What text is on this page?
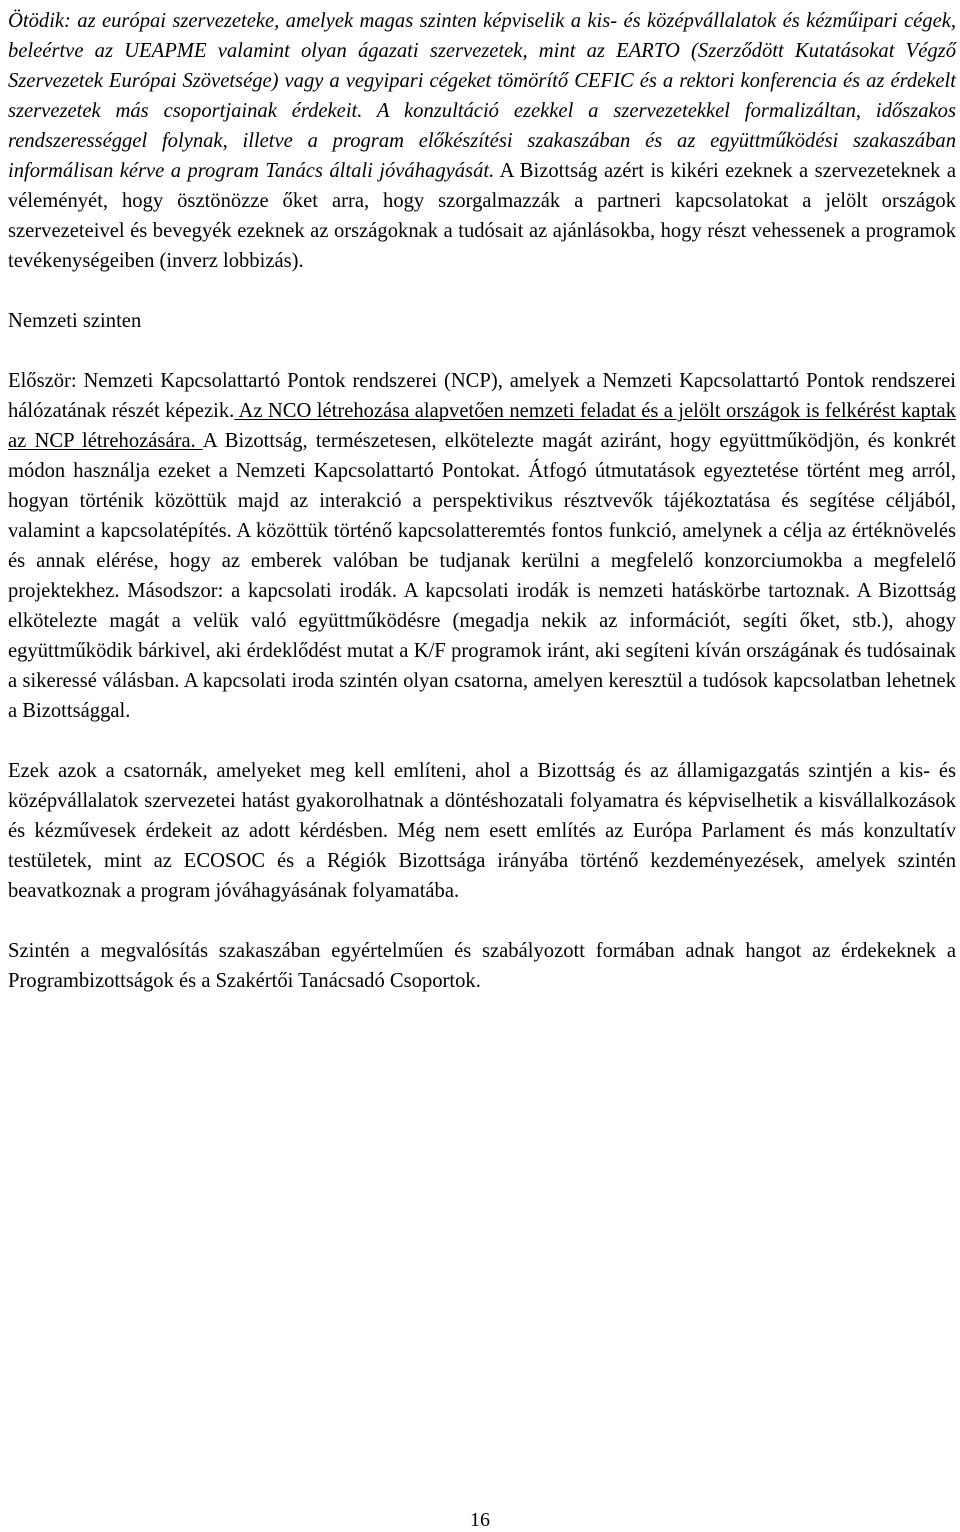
Ötödik: az európai szervezeteke, amelyek magas szinten képviselik a kis- és középvállalatok és kézműipari cégek, beleértve az UEAPME valamint olyan ágazati szervezetek, mint az EARTO (Szerződött Kutatásokat Végző Szervezetek Európai Szövetsége) vagy a vegyipari cégeket tömörítő CEFIC és a rektori konferencia és az érdekelt szervezetek más csoportjainak érdekeit. A konzultáció ezekkel a szervezetekkel formalizáltan, időszakos rendszerességgel folynak, illetve a program előkészítési szakaszában és az együttműködési szakaszában informálisan kérve a program Tanács általi jóváhagyását. A Bizottság azért is kikéri ezeknek a szervezeteknek a véleményét, hogy ösztönözze őket arra, hogy szorgalmazzák a partneri kapcsolatokat a jelölt országok szervezeteivel és bevegyék ezeknek az országoknak a tudósait az ajánlásokba, hogy részt vehessenek a programok tevékenységeiben (inverz lobbizás).

Nemzeti szinten

Először: Nemzeti Kapcsolattartó Pontok rendszerei (NCP), amelyek a Nemzeti Kapcsolattartó Pontok rendszerei hálózatának részét képezik. Az NCO létrehozása alapvetően nemzeti feladat és a jelölt országok is felkérést kaptak az NCP létrehozására. A Bizottság, természetesen, elkötelezte magát aziránt, hogy együttműködjön, és konkrét módon használja ezeket a Nemzeti Kapcsolattartó Pontokat. Átfogó útmutatások egyeztetése történt meg arról, hogyan történik közöttük majd az interakció a perspektivikus résztvevők tájékoztatása és segítése céljából, valamint a kapcsolatépítés. A közöttük történő kapcsolatteremtés fontos funkció, amelynek a célja az értéknövelés és annak elérése, hogy az emberek valóban be tudjanak kerülni a megfelelő konzorciumokba a megfelelő projektekhez. Másodszor: a kapcsolati irodák. A kapcsolati irodák is nemzeti hatáskörbe tartoznak. A Bizottság elkötelezte magát a velük való együttműködésre (megadja nekik az információt, segíti őket, stb.), ahogy együttműködik bárkivel, aki érdeklődést mutat a K/F programok iránt, aki segíteni kíván országának és tudósainak a sikeressé válásban. A kapcsolati iroda szintén olyan csatorna, amelyen keresztül a tudósok kapcsolatban lehetnek a Bizottsággal.

Ezek azok a csatornák, amelyeket meg kell említeni, ahol a Bizottság és az államigazgatás szintjén a kis- és középvállalatok szervezetei hatást gyakorolhatnak a döntéshozatali folyamatra és képviselhetik a kisvállalkozások és kézművesek érdekeit az adott kérdésben. Még nem esett említés az Európa Parlament és más konzultatív testületek, mint az ECOSOC és a Régiók Bizottsága irányába történő kezdeményezések, amelyek szintén beavatkoznak a program jóváhagyásának folyamatába.

Szintén a megvalósítás szakaszában egyértelműen és szabályozott formában adnak hangot az érdekeknek a Programbizottságok és a Szakértői Tanácsadó Csoportok.

16
